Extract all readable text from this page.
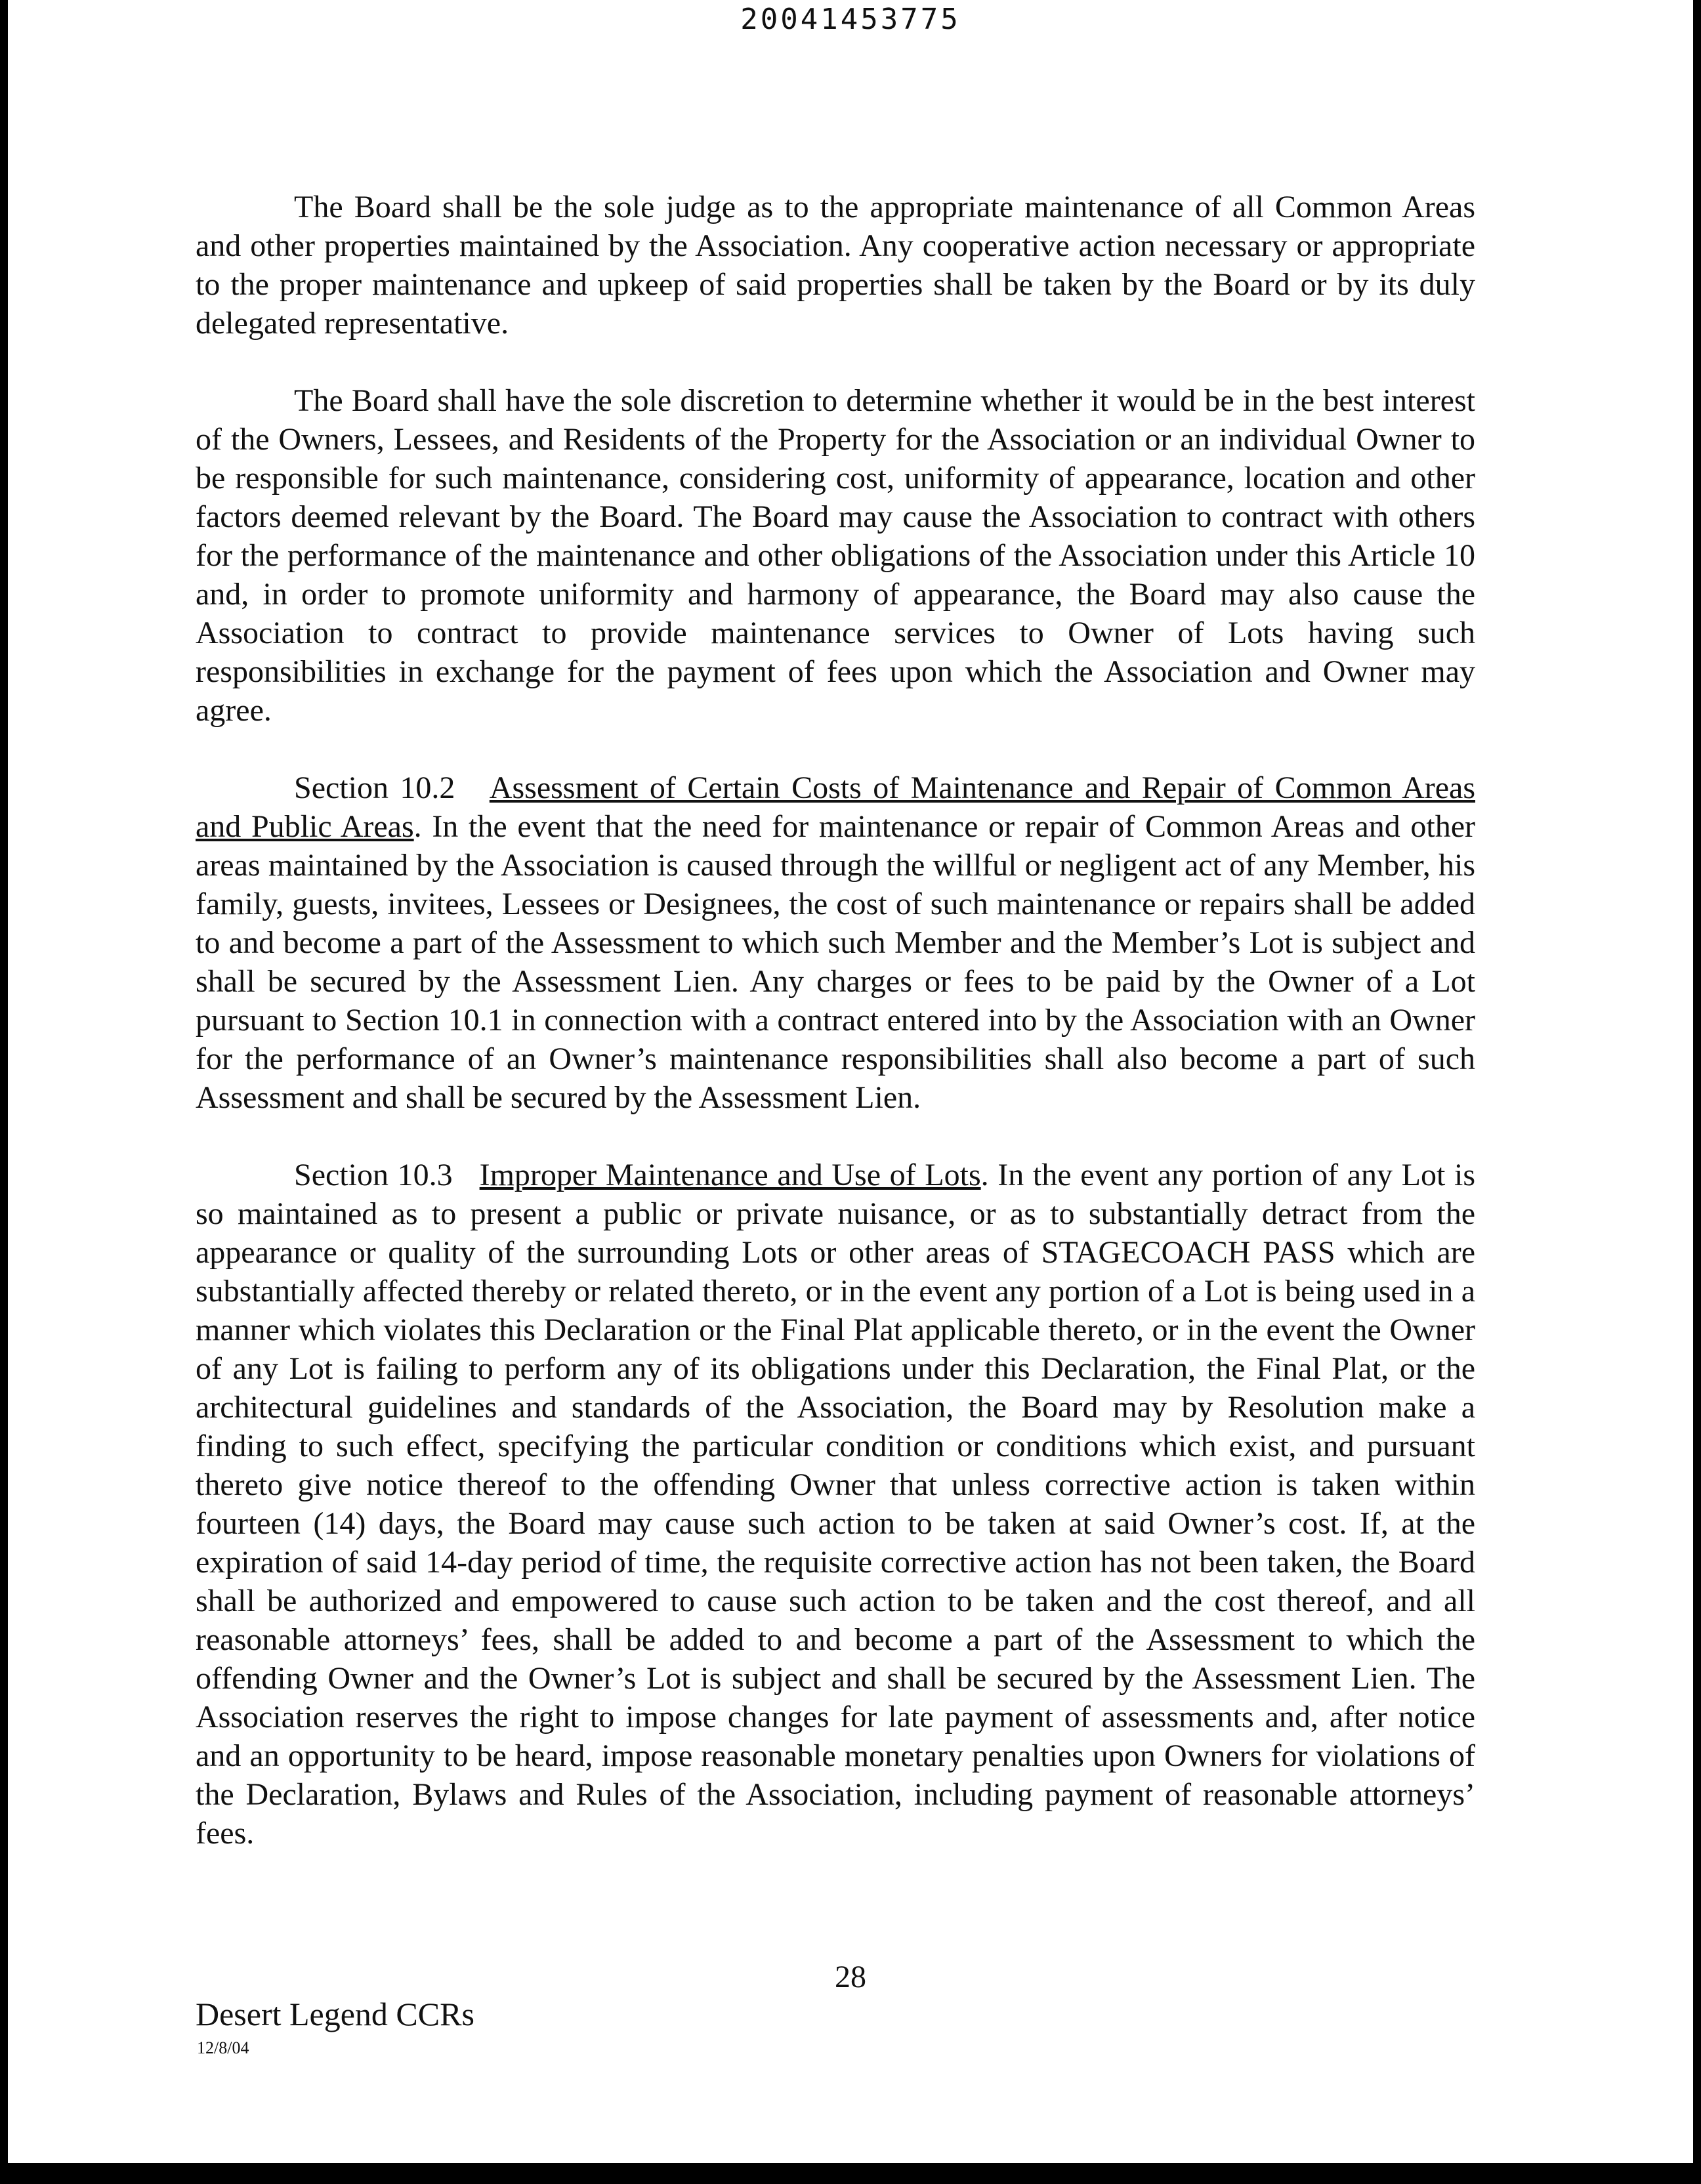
20041453775

The Board shall be the sole judge as to the appropriate maintenance of all Common Areas and other properties maintained by the Association. Any cooperative action necessary or appropriate to the proper maintenance and upkeep of said properties shall be taken by the Board or by its duly delegated representative.

The Board shall have the sole discretion to determine whether it would be in the best interest of the Owners, Lessees, and Residents of the Property for the Association or an individual Owner to be responsible for such maintenance, considering cost, uniformity of appearance, location and other factors deemed relevant by the Board. The Board may cause the Association to contract with others for the performance of the maintenance and other obligations of the Association under this Article 10 and, in order to promote uniformity and harmony of appearance, the Board may also cause the Association to contract to provide maintenance services to Owner of Lots having such responsibilities in exchange for the payment of fees upon which the Association and Owner may agree.

Section 10.2 Assessment of Certain Costs of Maintenance and Repair of Common Areas and Public Areas. In the event that the need for maintenance or repair of Common Areas and other areas maintained by the Association is caused through the willful or negligent act of any Member, his family, guests, invitees, Lessees or Designees, the cost of such maintenance or repairs shall be added to and become a part of the Assessment to which such Member and the Member’s Lot is subject and shall be secured by the Assessment Lien. Any charges or fees to be paid by the Owner of a Lot pursuant to Section 10.1 in connection with a contract entered into by the Association with an Owner for the performance of an Owner’s maintenance responsibilities shall also become a part of such Assessment and shall be secured by the Assessment Lien.

Section 10.3 Improper Maintenance and Use of Lots. In the event any portion of any Lot is so maintained as to present a public or private nuisance, or as to substantially detract from the appearance or quality of the surrounding Lots or other areas of STAGECOACH PASS which are substantially affected thereby or related thereto, or in the event any portion of a Lot is being used in a manner which violates this Declaration or the Final Plat applicable thereto, or in the event the Owner of any Lot is failing to perform any of its obligations under this Declaration, the Final Plat, or the architectural guidelines and standards of the Association, the Board may by Resolution make a finding to such effect, specifying the particular condition or conditions which exist, and pursuant thereto give notice thereof to the offending Owner that unless corrective action is taken within fourteen (14) days, the Board may cause such action to be taken at said Owner’s cost. If, at the expiration of said 14-day period of time, the requisite corrective action has not been taken, the Board shall be authorized and empowered to cause such action to be taken and the cost thereof, and all reasonable attorneys’ fees, shall be added to and become a part of the Assessment to which the offending Owner and the Owner’s Lot is subject and shall be secured by the Assessment Lien. The Association reserves the right to impose changes for late payment of assessments and, after notice and an opportunity to be heard, impose reasonable monetary penalties upon Owners for violations of the Declaration, Bylaws and Rules of the Association, including payment of reasonable attorneys’ fees.

28
Desert Legend CCRs
12/8/04
